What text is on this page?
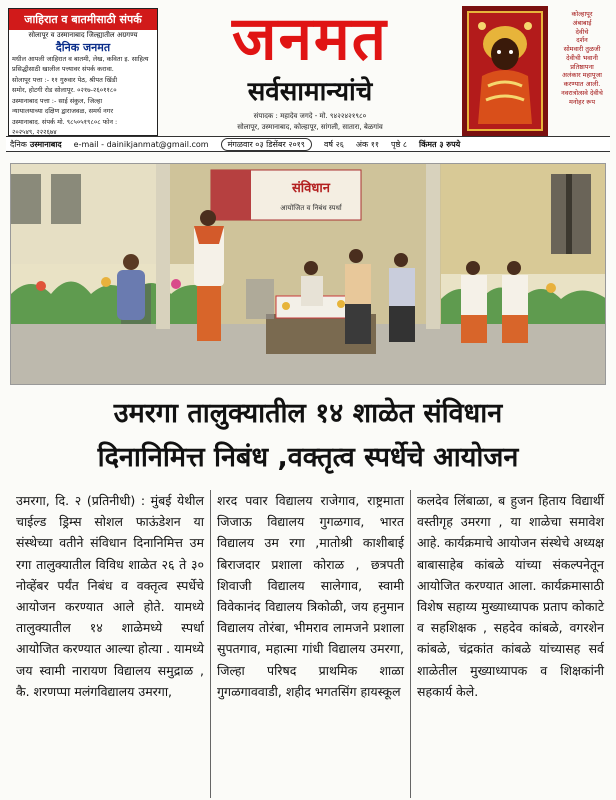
जाहिरात व बातमीसाठी संपर्क
सोलापूर व उस्मानाबाद जिल्ह्यातील अग्रगण्य
दैनिक जनमत
मधील आपली जाहिरात व बातमी, लेख, कविता इ. साहित्य
प्रसिद्धीसाठी खालील पत्त्यावर संपर्क करावा.
सोलापूर पत्ता :- ११ गुरुवार पेठ, श्रीपत खिंडी
समोर, होटगी रोड सोलापूर. ०२१७-२६०११८०
उस्मानाबाद पत्ता :- साई संकुल, जिल्हा
न्यायालयाच्या दक्षिण द्वाराजवळ, समर्थ नगर
उस्मानाबाद. संपर्क मो. ९८५०५१९८०८ फोन :
२०२५४९, २२२६७४
जनमत
सर्वसामान्यांचे
संपादक : महादेव जगदे - मो. ९४२२४२१९८०
सोलापूर, उस्मानाबाद, कोल्हापूर, सांगली, सातारा, बेळगांव
कोल्हापूर
अंबाबाई
देवीचे
दर्शन
सोमवारी तुळजी
देवीची भवानी
प्रतिष्ठापना
अलंकार महापूजा
करण्यात आली.
नवरात्रोत्सवे देवीचे
मनोहर रूप
दैनिक उस्मानाबाद e-mail - dainikjanmat@gmail.com	मंगळवार ०३ डिसेंबर २०१९	वर्ष २६ अंक ११ पृष्ठे ८ किंमत ३ रुपये
संविधान
आयोजित व निबंध स्पर्धा
उमरगा तालुक्यातील १४ शाळेत संविधान
दिनानिमित्त निबंध ,वक्तृत्व स्पर्धेचे आयोजन
उमरगा, दि. २ (प्रतिनीधी) : मुंबई येथील चाईल्ड ड्रिम्स सोशल फाऊंडेशन या संस्थेच्या वतीने संविधान दिनानिमित्त उम रगा तालुक्यातील विविध शाळेत २६ ते ३० नोव्हेंबर पर्यंत निबंध व वक्तृत्व स्पर्धेचे आयोजन करण्यात आले होते. यामध्ये तालुक्यातील १४ शाळेमध्ये स्पर्धा आयोजित करण्यात आल्या होत्या . यामध्ये जय स्वामी नारायण विद्यालय समुद्राळ , कै. शरणप्पा मलंगविद्यालय उमरगा,
शरद पवार विद्यालय राजेगाव, राष्ट्रमाता जिजाऊ विद्यालय गुगळगाव, भारत विद्यालय उम रगा ,मातोश्री काशीबाई बिराजदार प्रशाला कोराळ , छत्रपती शिवाजी विद्यालय सालेगाव, स्वामी विवेकानंद विद्यालय त्रिकोळी, जय हनुमान विद्यालय तोरंबा, भीमराव लामजने प्रशाला सुपतगाव, महात्मा गांधी विद्यालय उमरगा, जिल्हा परिषद प्राथमिक शाळा गुगळगाववाडी, शहीद भगतसिंग हायस्कूल
कलदेव लिंबाळा, ब हुजन हिताय विद्यार्थी वस्तीगृह उमरगा , या शाळेचा समावेश आहे. कार्यक्रमाचे आयोजन संस्थेचे अध्यक्ष बाबासाहेब कांबळे यांच्या संकल्पनेतून आयोजित करण्यात आला. कार्यक्रमासाठी विशेष सहाय्य मुख्याध्यापक प्रताप कोकाटे व सहशिक्षक , सहदेव कांबळे, वगरशेन कांबळे, चंद्रकांत कांबळे यांच्यासह सर्व शाळेतील मुख्याध्यापक व शिक्षकांनी सहकार्य केले.
